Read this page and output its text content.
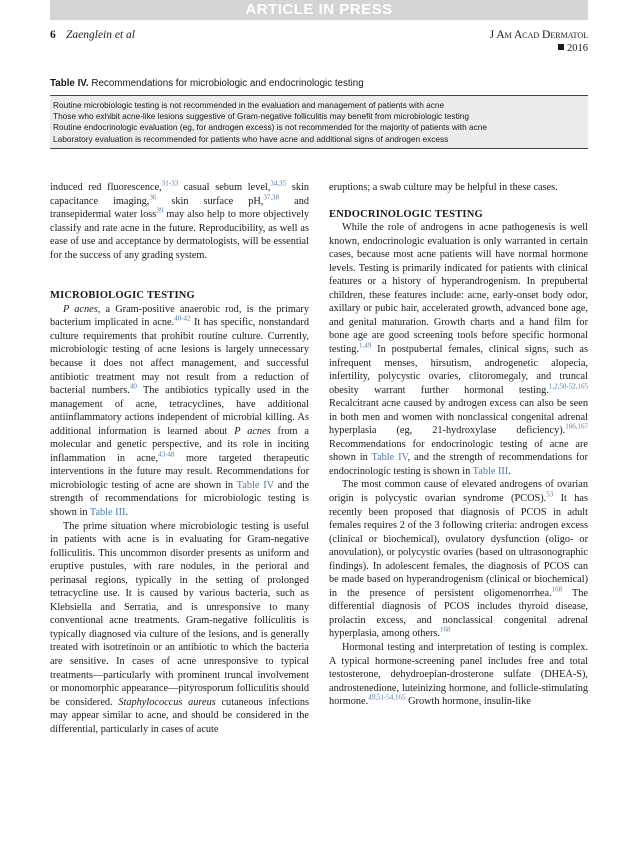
ARTICLE IN PRESS
6 Zaenglein et al	J Am Acad Dermatol
2016
Table IV. Recommendations for microbiologic and endocrinologic testing
Routine microbiologic testing is not recommended in the evaluation and management of patients with acne
Those who exhibit acne-like lesions suggestive of Gram-negative folliculitis may benefit from microbiologic testing
Routine endocrinologic evaluation (eg, for androgen excess) is not recommended for the majority of patients with acne
Laboratory evaluation is recommended for patients who have acne and additional signs of androgen excess

induced red fluorescence,$^{31-33}$ casual sebum level,$^{34,35}$ skin capacitance imaging,$^{36}$ skin surface pH,$^{37,38}$ and transepidermal water loss$^{39}$ may also help to more objectively classify and rate acne in the future. Reproducibility, as well as ease of use and acceptance by dermatologists, will be essential for the success of any grading system.

MICROBIOLOGIC TESTING

P acnes, a Gram-positive anaerobic rod, is the primary bacterium implicated in acne.$^{40-42}$ It has specific, nonstandard culture requirements that prohibit routine culture. Currently, microbiologic testing of acne lesions is largely unnecessary because it does not affect management, and successful antibiotic treatment may not result from a reduction of bacterial numbers.$^{40}$ The antibiotics typically used in the management of acne, tetracyclines, have additional antiinflammatory actions independent of microbial killing. As additional information is learned about P acnes from a molecular and genetic perspective, and its role in inciting inflammation in acne,$^{43-48}$ more targeted therapeutic interventions in the future may result. Recommendations for microbiologic testing of acne are shown in Table IV and the strength of recommendations for microbiologic testing is shown in Table III.

The prime situation where microbiologic testing is useful in patients with acne is in evaluating for Gram-negative folliculitis. This uncommon disorder presents as uniform and eruptive pustules, with rare nodules, in the perioral and perinasal regions, typically in the setting of prolonged tetracycline use. It is caused by various bacteria, such as Klebsiella and Serratia, and is unresponsive to many conventional acne treatments. Gram-negative folliculitis is typically diagnosed via culture of the lesions, and is generally treated with isotretinoin or an antibiotic to which the bacteria are sensitive. In cases of acne unresponsive to typical treatments—particularly with prominent truncal involvement or monomorphic appearance—pityrosporum folliculitis should be considered. Staphylococcus aureus cutaneous infections may appear similar to acne, and should be considered in the differential, particularly in cases of acute

eruptions; a swab culture may be helpful in these cases.

ENDOCRINOLOGIC TESTING

While the role of androgens in acne pathogenesis is well known, endocrinologic evaluation is only warranted in certain cases, because most acne patients will have normal hormone levels. Testing is primarily indicated for patients with clinical features or a history of hyperandrogenism. In prepubertal children, these features include: acne, early-onset body odor, axillary or pubic hair, accelerated growth, advanced bone age, and genital maturation. Growth charts and a hand film for bone age are good screening tools before specific hormonal testing.$^{1,49}$ In postpubertal females, clinical signs, such as infrequent menses, hirsutism, androgenetic alopecia, infertility, polycystic ovaries, clitoromegaly, and truncal obesity warrant further hormonal testing.$^{1,2,50-52,165}$ Recalcitrant acne caused by androgen excess can also be seen in both men and women with nonclassical congenital adrenal hyperplasia (eg, 21-hydroxylase deficiency).$^{166,167}$ Recommendations for endocrinologic testing of acne are shown in Table IV, and the strength of recommendations for endocrinologic testing is shown in Table III.

The most common cause of elevated androgens of ovarian origin is polycystic ovarian syndrome (PCOS).$^{53}$ It has recently been proposed that diagnosis of PCOS in adult females requires 2 of the 3 following criteria: androgen excess (clinical or biochemical), ovulatory dysfunction (oligo- or anovulation), or polycystic ovaries (based on ultrasonographic findings). In adolescent females, the diagnosis of PCOS can be made based on hyperandrogenism (clinical or biochemical) in the presence of persistent oligomenorrhea.$^{168}$ The differential diagnosis of PCOS includes thyroid disease, prolactin excess, and nonclassical congenital adrenal hyperplasia, among others.$^{168}$

Hormonal testing and interpretation of testing is complex. A typical hormone-screening panel includes free and total testosterone, dehydroepian-drosterone sulfate (DHEA-S), androstenedione, luteinizing hormone, and follicle-stimulating hormone.$^{49,51-54,165}$ Growth hormone, insulin-like
